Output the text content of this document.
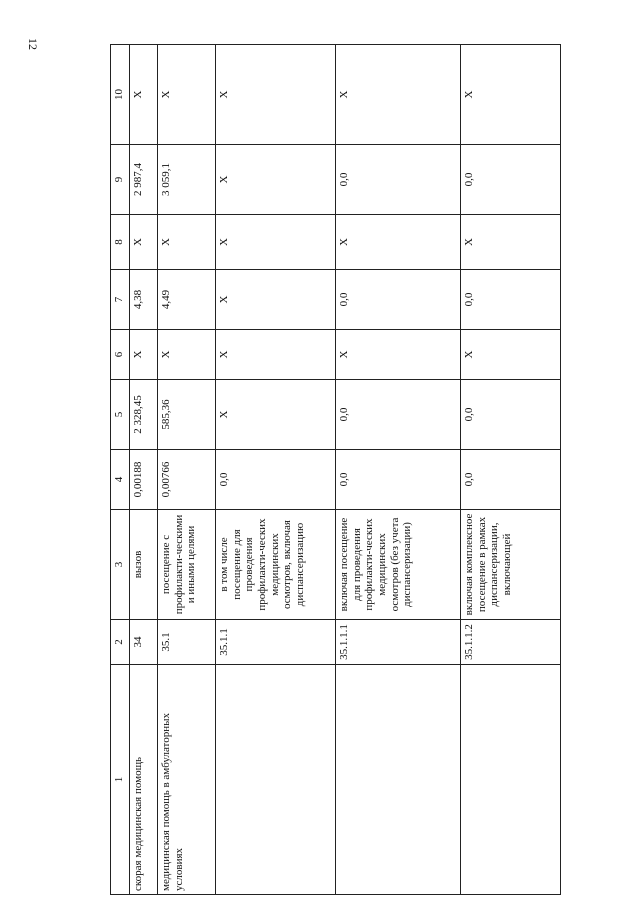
12
1	2	3	4	5	6	7	8	9	10
скорая медицинская помощь	34	вызов	0,00188	2 328,45	Х	4,38	Х	2 987,4	Х
медицинская помощь в амбулаторных условиях	35.1	посещение с профилакти-ческими и иными целями	0,00766	585,36	Х	4,49	Х	3 059,1	Х
	35.1.1	в том числе посещение для проведения профилакти-ческих медицинских осмотров, включая диспансеризацию	0,0	Х	Х	Х	Х	Х	Х
	35.1.1.1	включая посещение для проведения профилакти-ческих медицинских осмотров (без учета диспансеризации)	0,0	0,0	Х	0,0	Х	0,0	Х
	35.1.1.2	включая комплексное посещение в рамках диспансеризации, включающей	0,0	0,0	Х	0,0	Х	0,0	Х
